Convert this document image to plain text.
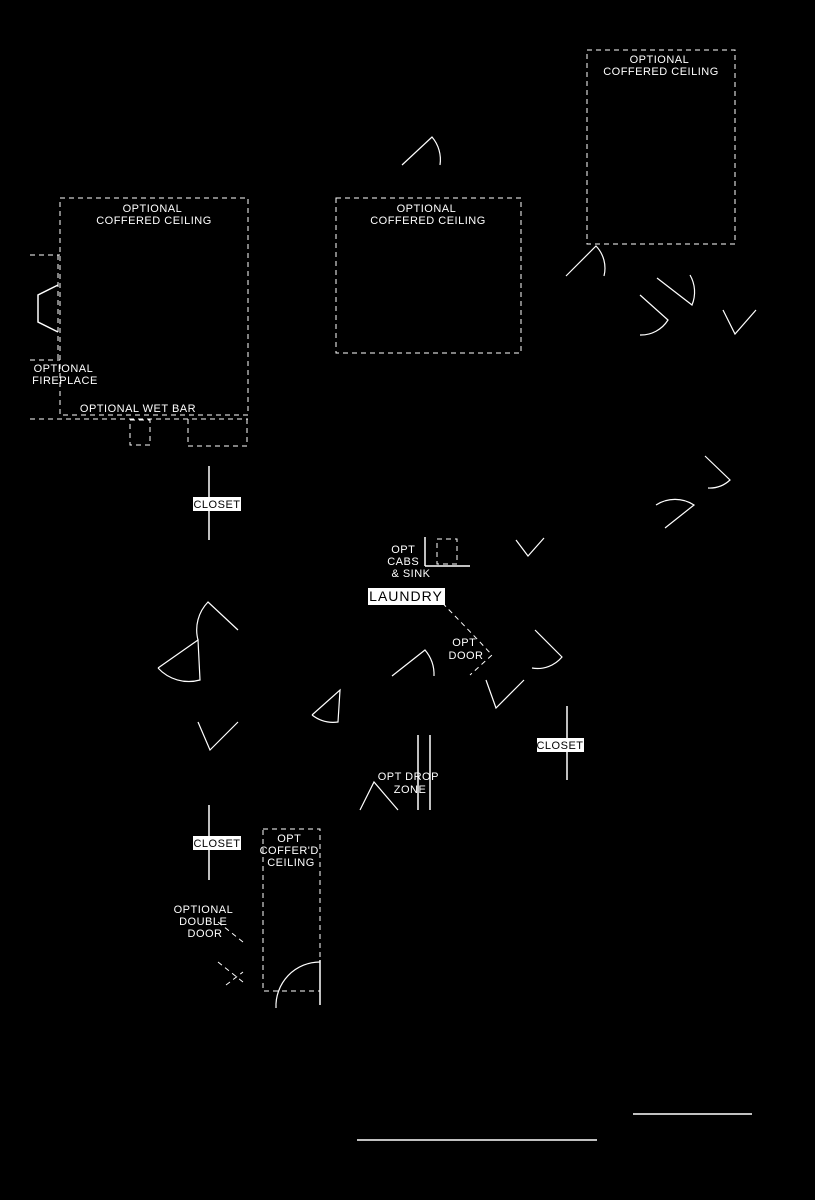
OPTIONAL COFFERED CEILING
OPTIONAL COFFERED CEILING
OPTIONAL COFFERED CEILING
OPTIONAL FIREPLACE
OPTIONAL WET BAR
CLOSET
OPT CABS & SINK
LAUNDRY
OPT DOOR
CLOSET
OPT DROP ZONE
CLOSET	OPT COFFER'D CEILING
OPTIONAL DOUBLE DOOR
